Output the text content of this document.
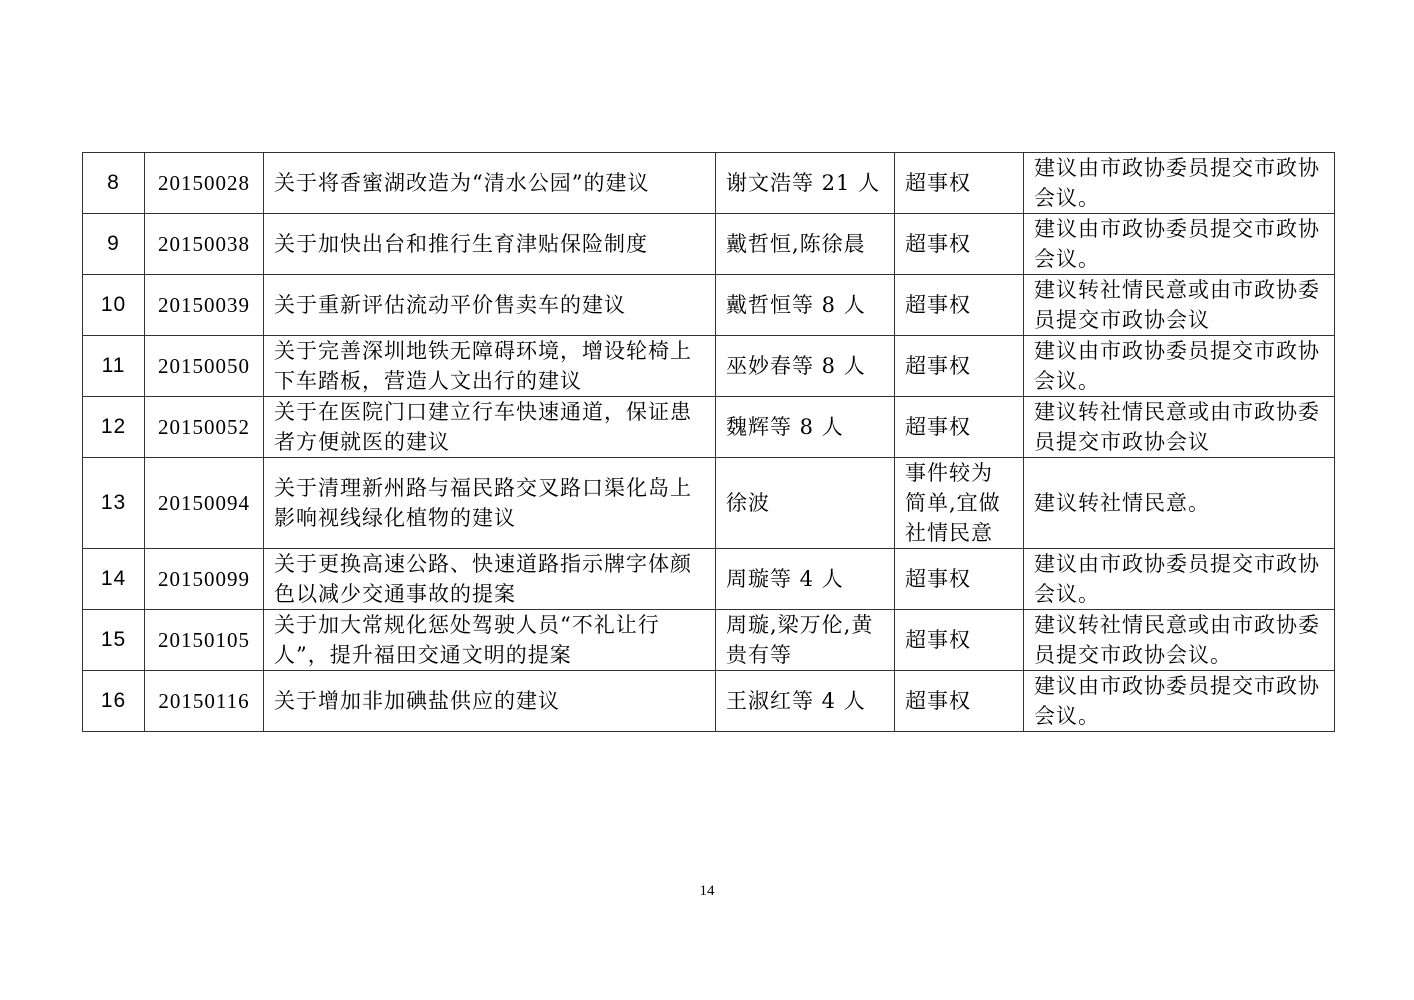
8	20150028	关于将香蜜湖改造为“清水公园”的建议	谢文浩等 21 人	超事权	建议由市政协委员提交市政协会议。
9	20150038	关于加快出台和推行生育津贴保险制度	戴哲恒,陈徐晨	超事权	建议由市政协委员提交市政协会议。
10	20150039	关于重新评估流动平价售卖车的建议	戴哲恒等 8 人	超事权	建议转社情民意或由市政协委员提交市政协会议
11	20150050	关于完善深圳地铁无障碍环境，增设轮椅上下车踏板，营造人文出行的建议	巫妙春等 8 人	超事权	建议由市政协委员提交市政协会议。
12	20150052	关于在医院门口建立行车快速通道，保证患者方便就医的建议	魏辉等 8 人	超事权	建议转社情民意或由市政协委员提交市政协会议
13	20150094	关于清理新州路与福民路交叉路口渠化岛上影响视线绿化植物的建议	徐波	事件较为简单,宜做社情民意	建议转社情民意。
14	20150099	关于更换高速公路、快速道路指示牌字体颜色以减少交通事故的提案	周璇等 4 人	超事权	建议由市政协委员提交市政协会议。
15	20150105	关于加大常规化惩处驾驶人员“不礼让行人”，提升福田交通文明的提案	周璇,梁万伦,黄贵有等	超事权	建议转社情民意或由市政协委员提交市政协会议。
16	20150116	关于增加非加碘盐供应的建议	王淑红等 4 人	超事权	建议由市政协委员提交市政协会议。
14
